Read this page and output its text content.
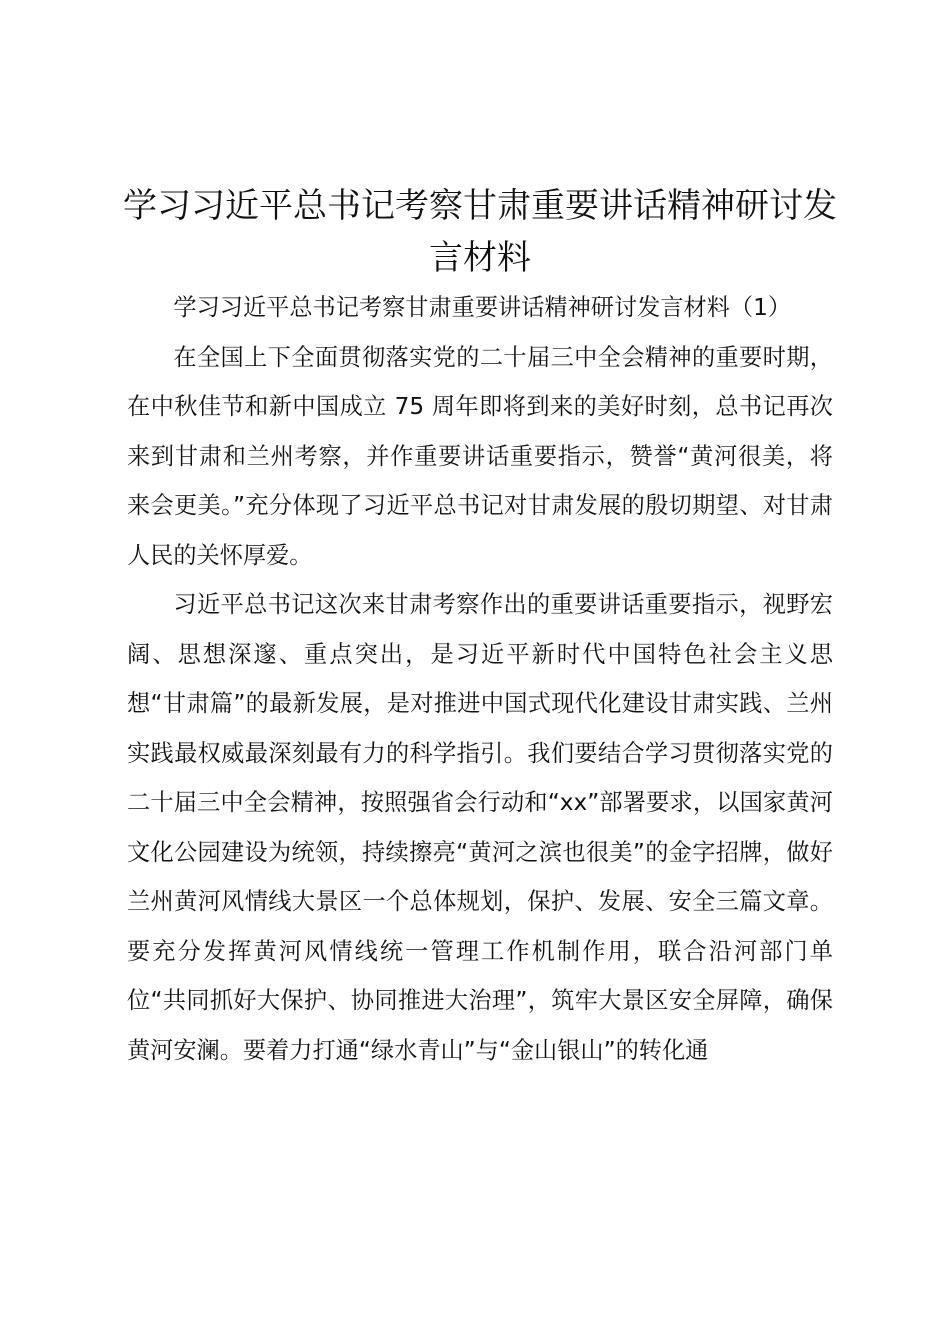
学习习近平总书记考察甘肃重要讲话精神研讨发言材料

学习习近平总书记考察甘肃重要讲话精神研讨发言材料（1）

在全国上下全面贯彻落实党的二十届三中全会精神的重要时期，在中秋佳节和新中国成立 75 周年即将到来的美好时刻，总书记再次来到甘肃和兰州考察，并作重要讲话重要指示，赞誉“黄河很美，将来会更美。”充分体现了习近平总书记对甘肃发展的殷切期望、对甘肃人民的关怀厚爱。

习近平总书记这次来甘肃考察作出的重要讲话重要指示，视野宏阔、思想深邃、重点突出，是习近平新时代中国特色社会主义思想“甘肃篇”的最新发展，是对推进中国式现代化建设甘肃实践、兰州实践最权威最深刻最有力的科学指引。我们要结合学习贯彻落实党的二十届三中全会精神，按照强省会行动和“xx”部署要求，以国家黄河文化公园建设为统领，持续擦亮“黄河之滨也很美”的金字招牌，做好兰州黄河风情线大景区一个总体规划，保护、发展、安全三篇文章。要充分发挥黄河风情线统一管理工作机制作用，联合沿河部门单位“共同抓好大保护、协同推进大治理”，筑牢大景区安全屏障，确保黄河安澜。要着力打通“绿水青山”与“金山银山”的转化通
